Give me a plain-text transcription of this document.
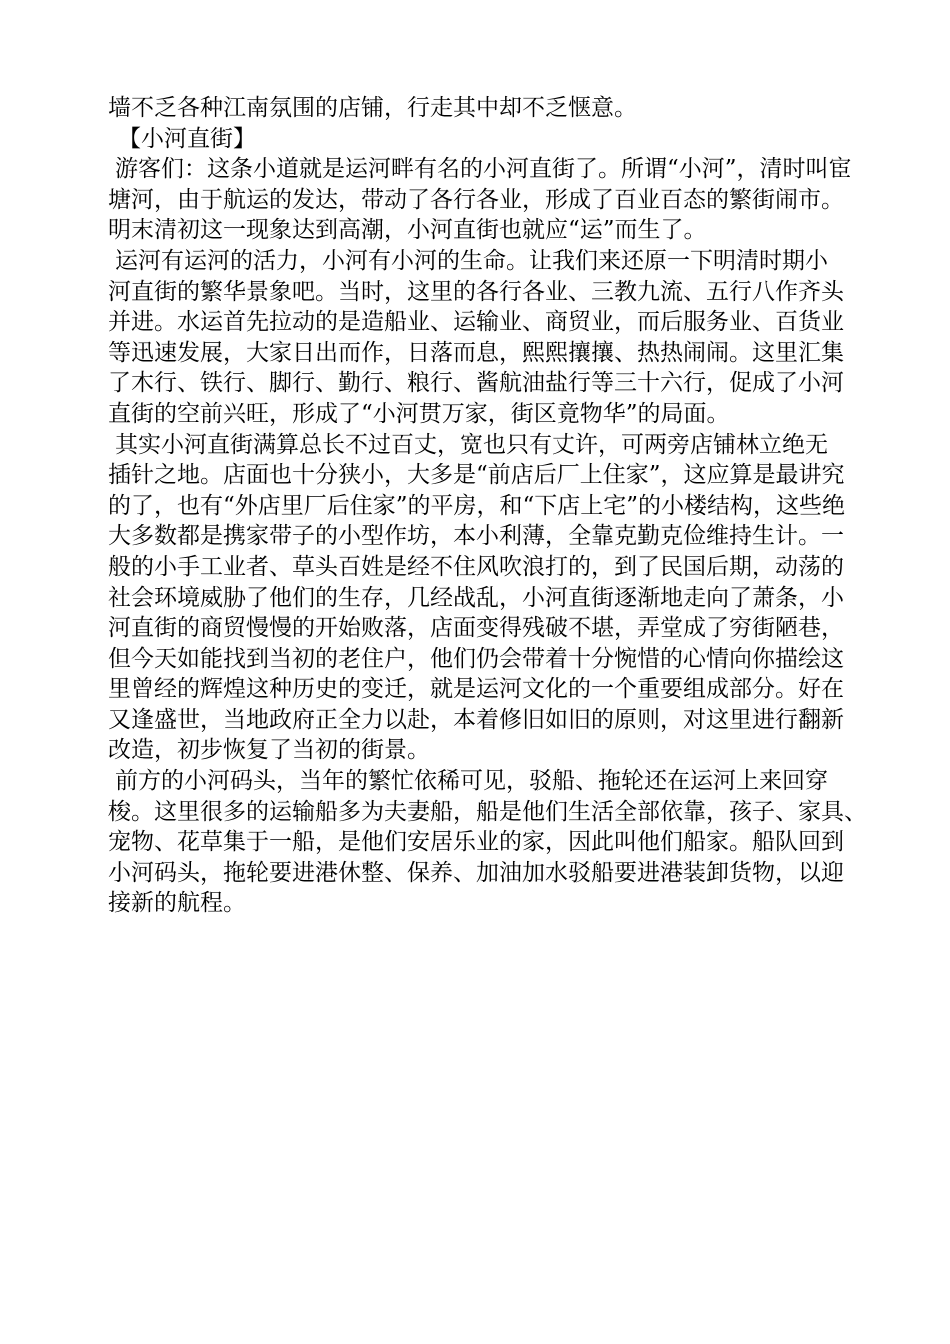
墙不乏各种江南氛围的店铺，行走其中却不乏惬意。
【小河直街】
游客们：这条小道就是运河畔有名的小河直街了。所谓“小河”，清时叫宦
塘河，由于航运的发达，带动了各行各业，形成了百业百态的繁街闹市。
明末清初这一现象达到高潮，小河直街也就应“运”而生了。
运河有运河的活力，小河有小河的生命。让我们来还原一下明清时期小
河直街的繁华景象吧。当时，这里的各行各业、三教九流、五行八作齐头
并进。水运首先拉动的是造船业、运输业、商贸业，而后服务业、百货业
等迅速发展，大家日出而作，日落而息，熙熙攘攘、热热闹闹。这里汇集
了木行、铁行、脚行、勤行、粮行、酱航油盐行等三十六行，促成了小河
直街的空前兴旺，形成了“小河贯万家，街区竟物华”的局面。
其实小河直街满算总长不过百丈，宽也只有丈许，可两旁店铺林立绝无
插针之地。店面也十分狭小，大多是“前店后厂上住家”，这应算是最讲究
的了，也有“外店里厂后住家”的平房，和“下店上宅”的小楼结构，这些绝
大多数都是携家带子的小型作坊，本小利薄，全靠克勤克俭维持生计。一
般的小手工业者、草头百姓是经不住风吹浪打的，到了民国后期，动荡的
社会环境威胁了他们的生存，几经战乱，小河直街逐渐地走向了萧条，小
河直街的商贸慢慢的开始败落，店面变得残破不堪，弄堂成了穷街陋巷，
但今天如能找到当初的老住户，他们仍会带着十分惋惜的心情向你描绘这
里曾经的辉煌这种历史的变迁，就是运河文化的一个重要组成部分。好在
又逢盛世，当地政府正全力以赴，本着修旧如旧的原则，对这里进行翻新
改造，初步恢复了当初的街景。
前方的小河码头，当年的繁忙依稀可见，驳船、拖轮还在运河上来回穿
梭。这里很多的运输船多为夫妻船，船是他们生活全部依靠，孩子、家具、
宠物、花草集于一船，是他们安居乐业的家，因此叫他们船家。船队回到
小河码头，拖轮要进港休整、保养、加油加水驳船要进港装卸货物，以迎
接新的航程。
